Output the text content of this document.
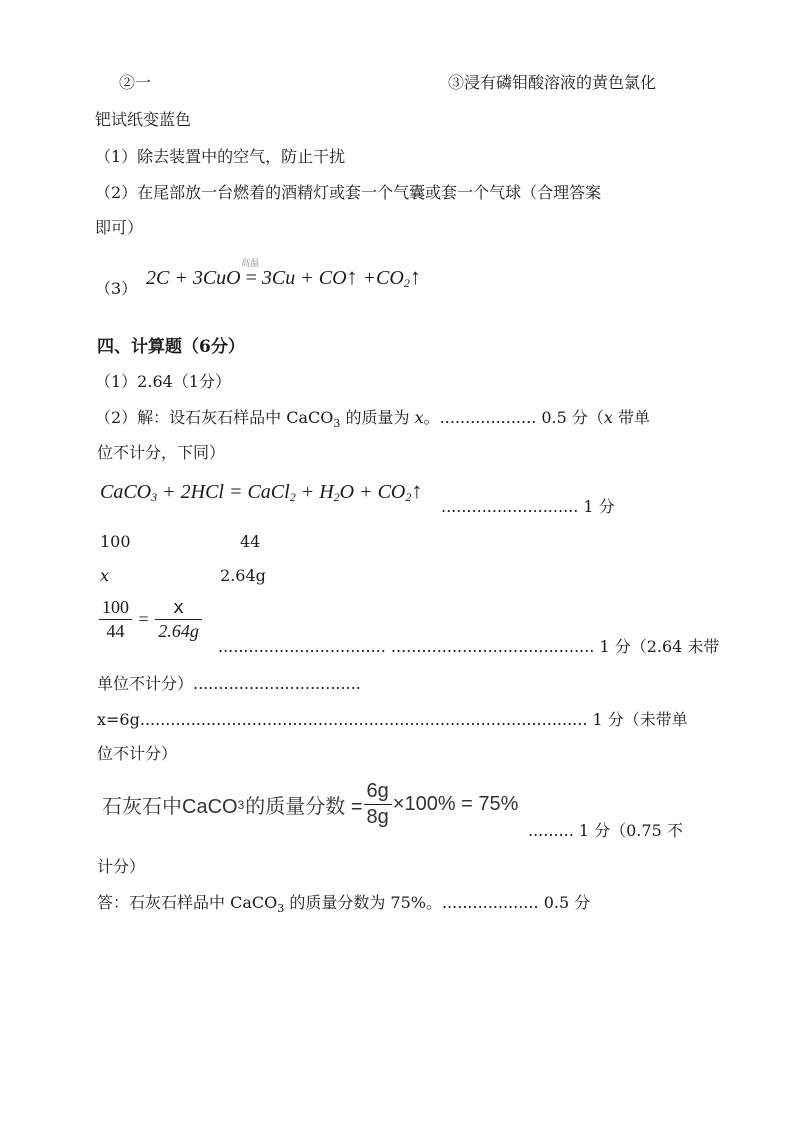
②一	③浸有磷钼酸溶液的黄色氯化
钯试纸变蓝色
（1）除去装置中的空气，防止干扰
（2）在尾部放一台燃着的酒精灯或套一个气囊或套一个气球（合理答案
即可）
（3）
高温
2C + 3CuO = 3Cu + CO↑ $+CO_2↑$
四、计算题（6分）
（1）2.64（1分）
（2）解：设石灰石样品中 CaCO$_3$ 的质量为 x。................... 0.5 分（x 带单
位不计分，下同）
CaCO$_3$ + 2HCl = CaCl$_2$ + $H_2O$ + $CO_2↑$
........................... 1 分
100	44
x	2.64g
$\frac{100}{44} = \frac{x}{2.64g}$
................................. ........................................ 1 分（2.64 未带
单位不计分）.................................
x=6g........................................................................................ 1 分（未带单
位不计分）
石灰石中CaCO 3 的质量分数 = $\frac{6g}{8g} \times 100\% = 75\%$
......... 1 分（0.75 不
计分）
答：石灰石样品中 CaCO$_3$ 的质量分数为 75%。................... 0.5 分
